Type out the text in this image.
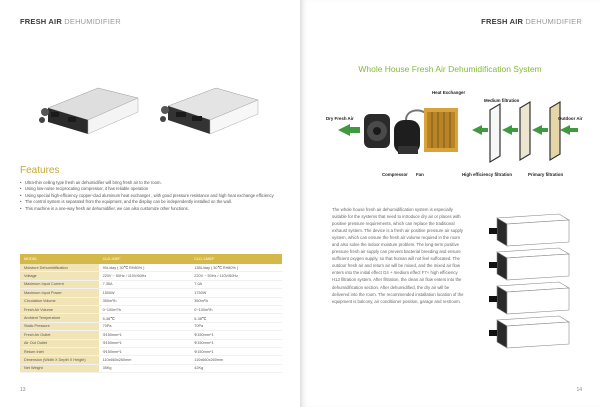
FRESH AIR DEHUMIDIFIER
Features
• Ultra-thin ceiling type fresh air dehumidifier will bring fresh air to the room.
• Using low-noise reciprocating compressor, it has reliable operation
• Using special high-efficiency copper-clad aluminum heat exchanger , with good pressure resistance and high heat exchange efficiency
• The control system is separated from the equipment, and the display can be independently installed on the wall.
• This machine is a one-way fresh air dehumidifier, we can also customize other functions.
MODEL	CLD-90EF	CLD-138EF
Moisture Dehumidification	90L/day ( 30℃ RH80% )	138L/day ( 30℃ RH80% )
Voltage	220V ~ 50Hz / 110V/60Hz	220V ~ 50Hz / 110V/60Hz
Maximum Input Current	7.35A	7.0A
Maximum Input Power	1500W	1750W
Circulation Volume	350m³/h	350m³/h
Fresh Air Volume	0~100m³/h	0~100m³/h
Ambient Temperature	5-38℃	5-38℃
Static Pressure	70Pa	70Pa
Fresh Air Outlet	Φ150mm*1	Φ150mm*1
Air Out Outlet	Φ150mm*1	Φ150mm*1
Return Inlet	Φ150mm*1	Φ150mm*1
Dimension (Width X Depth X Height)	110x660x260mm	110x660x260mm
Net Weight	35Kg	42Kg
13
FRESH AIR DEHUMIDIFIER
Whole House Fresh Air Dehumidification System
Heat Exchanger
Medium filtration
Dry Fresh Air	Outdoor Air
Compressor Fan	High efficiency filtration	Primary filtration

The whole house fresh air dehumidification system is especially suitable for the systems that need to introduce dry air or places with positive pressure requirements, which can replace the traditional exhaust system. The device is a fresh air positive pressure air supply system, which can ensure the fresh air volume required in the room and also solve the indoor moisture problem. The long-term positive pressure fresh air supply can prevent bacterial breeding and ensure sufficient oxygen supply, so that human will not feel suffocated. The outdoor fresh air and return air will be mixed, and the mixed air flow enters into the initial effect G4 + medium effect F7+ high efficiency H13 filtration system. After filtration, the clean air flow enters into the dehumidification section. After dehumidified, the dry air will be delivered into the room. The recommended installation location of the equipment is balcony, air conditioner position, garage and restroom.

14
